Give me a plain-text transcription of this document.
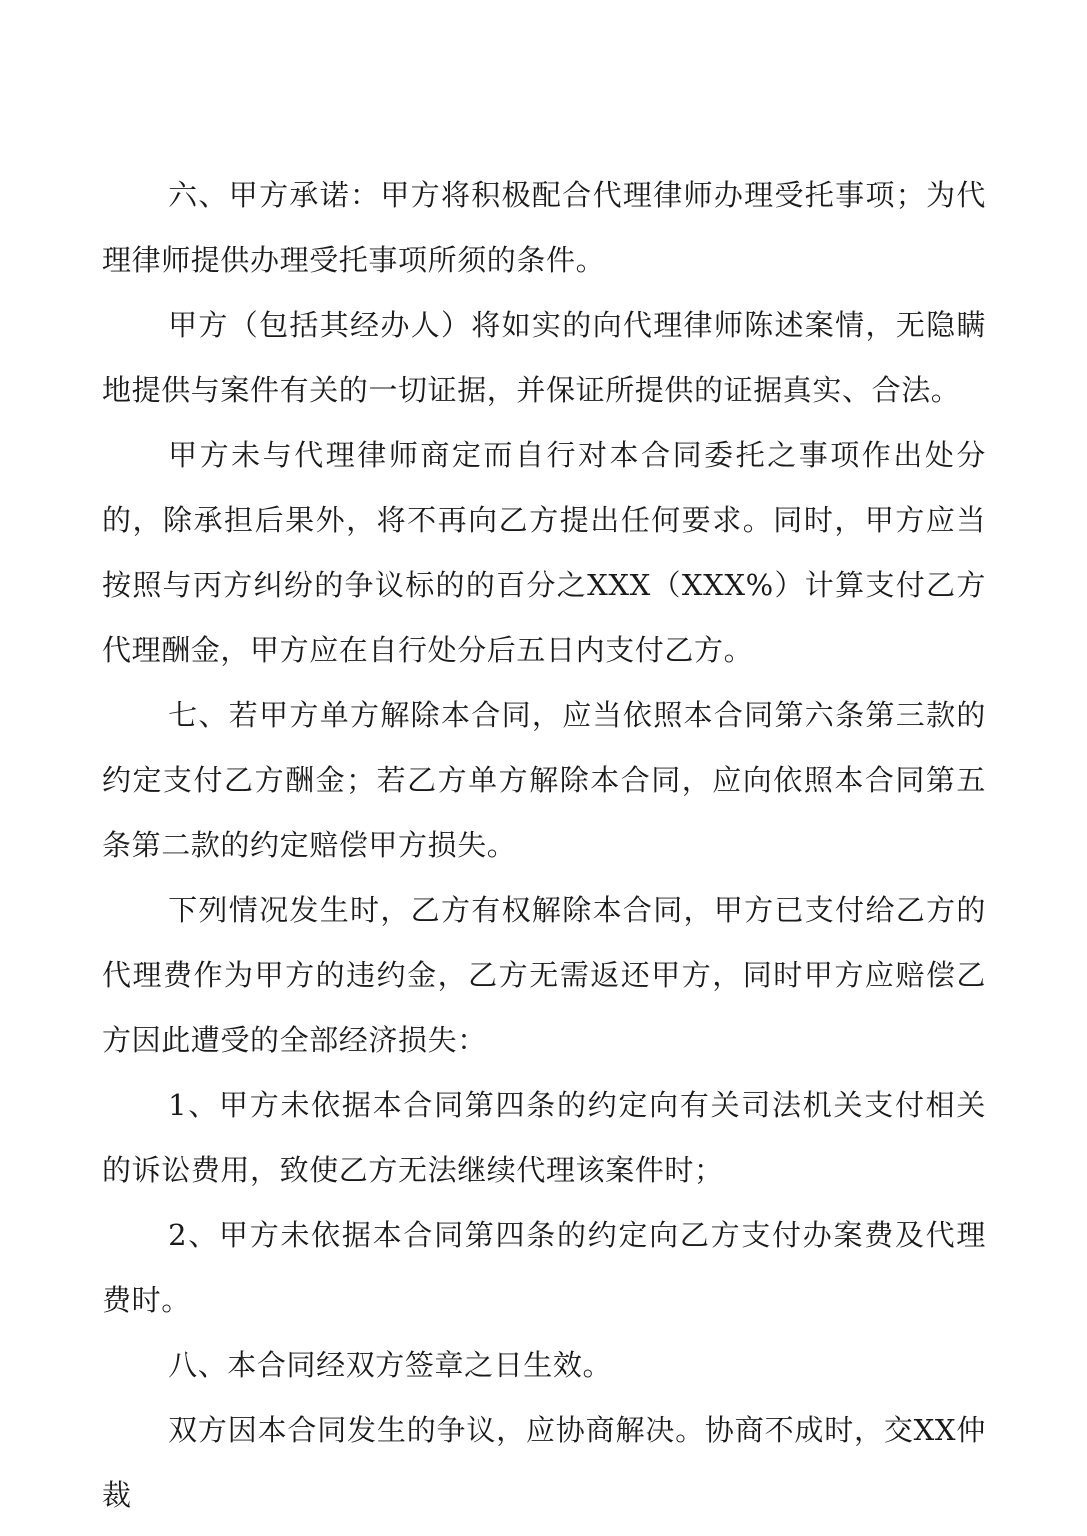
六、甲方承诺：甲方将积极配合代理律师办理受托事项；为代理律师提供办理受托事项所须的条件。

甲方（包括其经办人）将如实的向代理律师陈述案情，无隐瞒地提供与案件有关的一切证据，并保证所提供的证据真实、合法。

甲方未与代理律师商定而自行对本合同委托之事项作出处分的，除承担后果外，将不再向乙方提出任何要求。同时，甲方应当按照与丙方纠纷的争议标的的百分之XXX（XXX%）计算支付乙方代理酬金，甲方应在自行处分后五日内支付乙方。

七、若甲方单方解除本合同，应当依照本合同第六条第三款的约定支付乙方酬金；若乙方单方解除本合同，应向依照本合同第五条第二款的约定赔偿甲方损失。

下列情况发生时，乙方有权解除本合同，甲方已支付给乙方的代理费作为甲方的违约金，乙方无需返还甲方，同时甲方应赔偿乙方因此遭受的全部经济损失：

1、甲方未依据本合同第四条的约定向有关司法机关支付相关的诉讼费用，致使乙方无法继续代理该案件时；

2、甲方未依据本合同第四条的约定向乙方支付办案费及代理费时。

八、本合同经双方签章之日生效。

双方因本合同发生的争议，应协商解决。协商不成时，交XX仲裁
